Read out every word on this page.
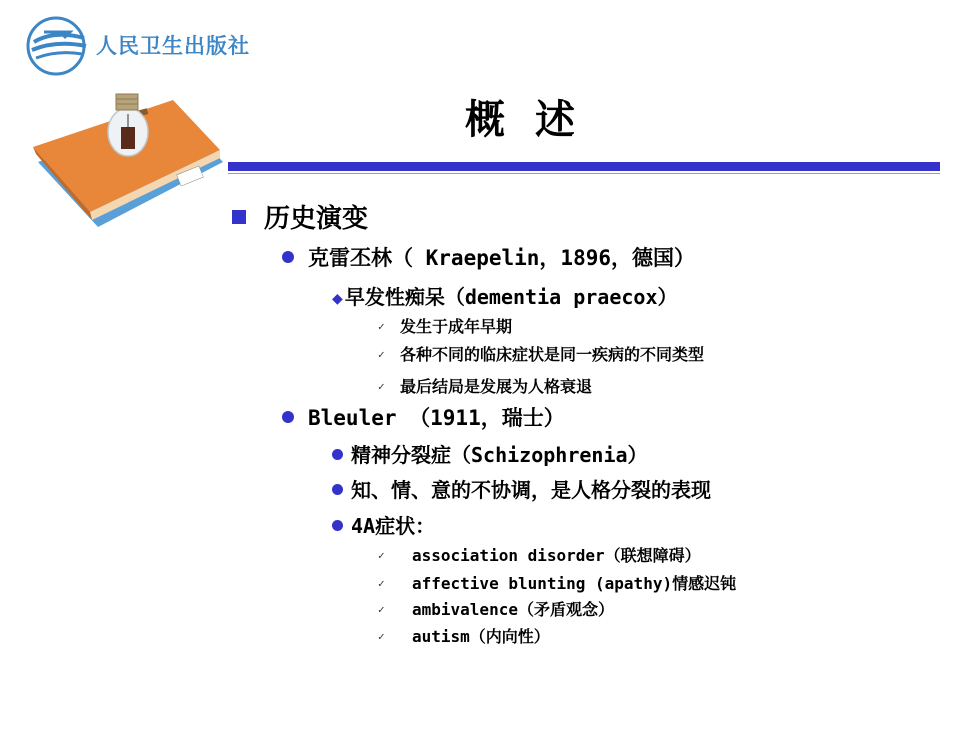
人民卫生出版社
概述
历史演变
克雷丕林（ Kraepelin，1896，德国）
◆ 早发性痴呆（dementia praecox）
✓ 发生于成年早期
✓ 各种不同的临床症状是同一疾病的不同类型
✓ 最后结局是发展为人格衰退
Bleuler （1911，瑞士）
精神分裂症（Schizophrenia）
知、情、意的不协调，是人格分裂的表现
4A症状：
✓ association disorder（联想障碍）
✓ affective blunting (apathy)情感迟钝
✓ ambivalence（矛盾观念）
✓ autism（内向性）
